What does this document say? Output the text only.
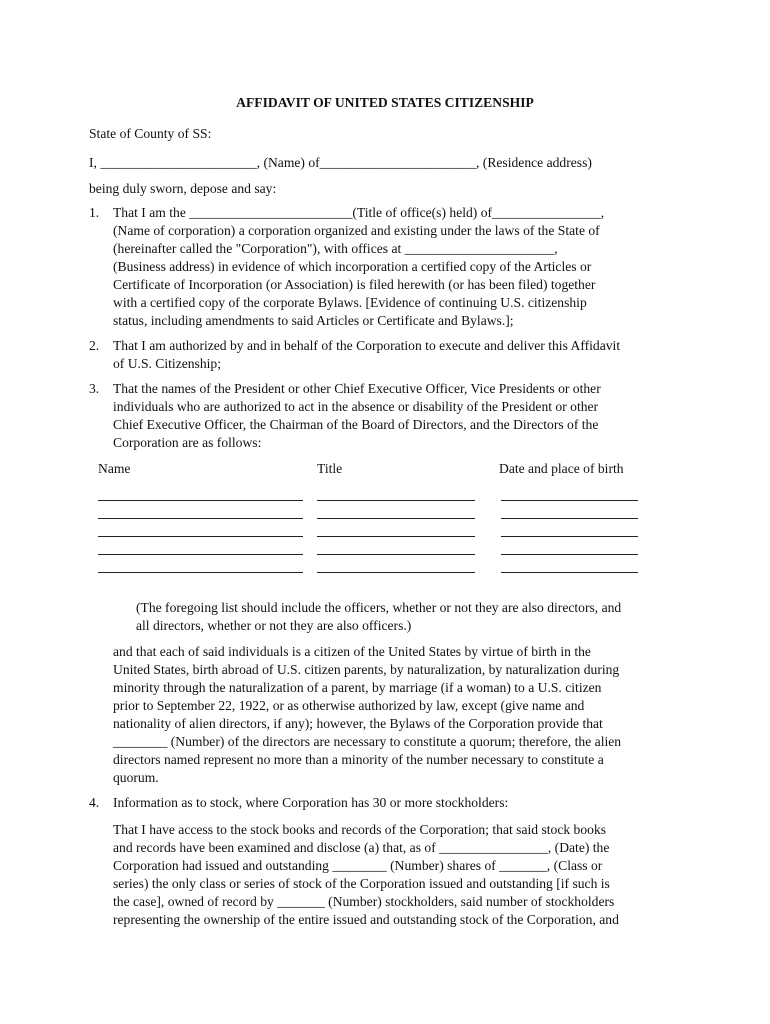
AFFIDAVIT OF UNITED STATES CITIZENSHIP
State of County of SS:
I, _______________________, (Name) of_______________________, (Residence address)
being duly sworn, depose and say:
1. That I am the ________________________(Title of office(s) held) of________________,
(Name of corporation) a corporation organized and existing under the laws of the State of
(hereinafter called the "Corporation"), with offices at ______________________,
(Business address) in evidence of which incorporation a certified copy of the Articles or
Certificate of Incorporation (or Association) is filed herewith (or has been filed) together
with a certified copy of the corporate Bylaws. [Evidence of continuing U.S. citizenship
status, including amendments to said Articles or Certificate and Bylaws.];
2. That I am authorized by and in behalf of the Corporation to execute and deliver this Affidavit
of U.S. Citizenship;
3. That the names of the President or other Chief Executive Officer, Vice Presidents or other
individuals who are authorized to act in the absence or disability of the President or other
Chief Executive Officer, the Chairman of the Board of Directors, and the Directors of the
Corporation are as follows:
Name	Title	Date and place of birth
(The foregoing list should include the officers, whether or not they are also directors, and
all directors, whether or not they are also officers.)
and that each of said individuals is a citizen of the United States by virtue of birth in the
United States, birth abroad of U.S. citizen parents, by naturalization, by naturalization during
minority through the naturalization of a parent, by marriage (if a woman) to a U.S. citizen
prior to September 22, 1922, or as otherwise authorized by law, except (give name and
nationality of alien directors, if any); however, the Bylaws of the Corporation provide that
________ (Number) of the directors are necessary to constitute a quorum; therefore, the alien
directors named represent no more than a minority of the number necessary to constitute a
quorum.
4. Information as to stock, where Corporation has 30 or more stockholders:
That I have access to the stock books and records of the Corporation; that said stock books
and records have been examined and disclose (a) that, as of ________________, (Date) the
Corporation had issued and outstanding ________ (Number) shares of _______, (Class or
series) the only class or series of stock of the Corporation issued and outstanding [if such is
the case], owned of record by _______ (Number) stockholders, said number of stockholders
representing the ownership of the entire issued and outstanding stock of the Corporation, and
